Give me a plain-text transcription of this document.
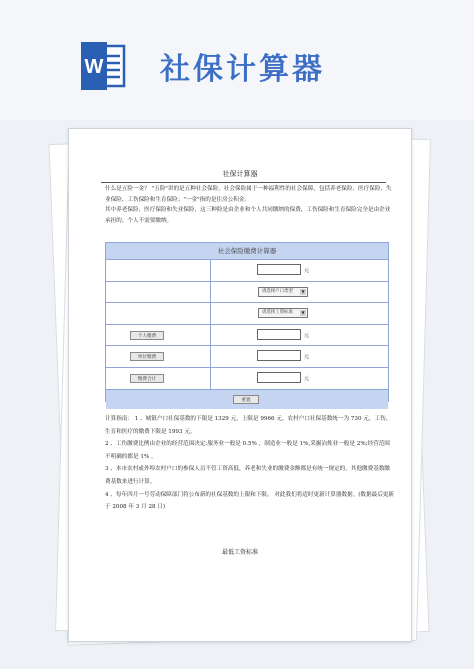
W 社保计算器
社保计算器

什么是五险一金？ "五险"讲的是五种社会保险，社会保险属于一种福利性的社会保障，包括养老保险、医疗保险、失业保险、工伤保险和生育保险；"一金"指的是住房公积金。

其中养老保险、医疗保险和失业保险，这三种险是由企业和个人共同缴纳的保费，工伤保险和生育保险完全是由企业承担的。个人不需要缴纳。

社会保险缴费计算器
元
请选择户口类型	▼
请选择工资标准	▼
个人缴费	元
单位缴费	元
缴费合计	元
重置

计算指南： 1 、城镇户口社保基数的下限是 1329 元，上限是 9966 元，农村户口社保基数统一为 730 元，工伤、生育和医疗的缴费下限是 1993 元。

2 、工伤缴费比例由企业的经营范围决定:服务业一般是 0.5% ，制造业一般是 1%,采掘冶炼业一般是 2%;经营范围不明确的都是 1% 。

3 、本市农村或外埠农村户口的参保人员不管工资高低，养老和失业的缴费金额都是有统一规定的，其他缴费基数缴费基数来进行计算。

4 、每年四月一号劳动保障部门将公布新的社保基数的上限和下限， 对此我们将适时更新计算器数据。(数据最后更新于 2008 年 3 月 28 日)

最低工资标准
